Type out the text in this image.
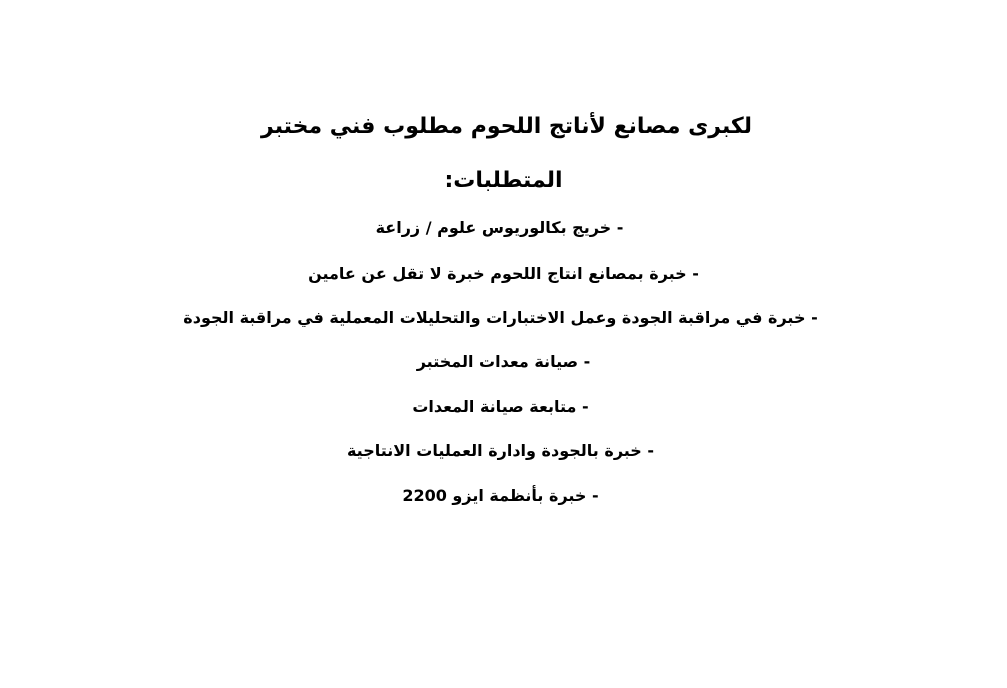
لكبرى مصانع لأناتج اللحوم مطلوب فني مختبر
المتطلبات:
- خريج بكالوريوس علوم / زراعة
- خبرة بمصانع انتاج اللحوم خبرة لا تقل عن عامين
- خبرة في مراقبة الجودة وعمل الاختبارات والتحليلات المعملية في مراقبة الجودة
- صيانة معدات المختبر
- متابعة صيانة المعدات
- خبرة بالجودة وادارة العمليات الانتاجية
- خبرة بأنظمة ايزو 2200
